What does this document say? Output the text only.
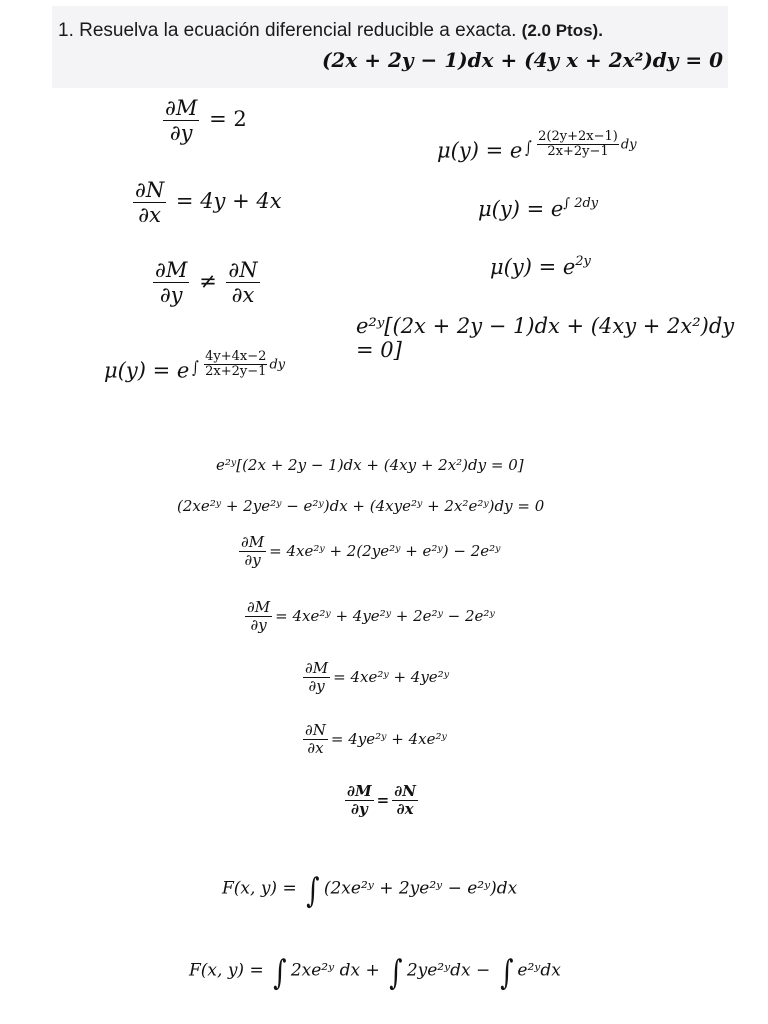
1. Resuelva la ecuación diferencial reducible a exacta. (2.0 Ptos).
(2x + 2y − 1)dx + (4y x + 2x²)dy = 0
$\frac{\partial M}{\partial y} = 2$
$\frac{\partial N}{\partial x} = 4y + 4x$
$\frac{\partial M}{\partial y} \ne \frac{\partial N}{\partial x}$
μ(y) = e ∫ $\frac{4y+4x-2}{2x+2y-1}$ dy
μ(y) = e ∫ $\frac{2(2y+2x-1)}{2x+2y-1}$ dy
μ(y) = e∫ 2dy
μ(y) = e2y
e²ʸ[(2x + 2y − 1)dx + (4xy + 2x²)dy
= 0]
e²ʸ[(2x + 2y − 1)dx + (4xy + 2x²)dy = 0]
(2xe²ʸ + 2ye²ʸ − e²ʸ)dx + (4xye²ʸ + 2x²e²ʸ)dy = 0
$\frac{\partial M}{\partial y}$ = 4xe²ʸ + 2(2ye²ʸ + e²ʸ) − 2e²ʸ
$\frac{\partial M}{\partial y}$ = 4xe²ʸ + 4ye²ʸ + 2e²ʸ − 2e²ʸ
$\frac{\partial M}{\partial y}$ = 4xe²ʸ + 4ye²ʸ
$\frac{\partial N}{\partial x}$ = 4ye²ʸ + 4xe²ʸ
$\frac{\partial M}{\partial y} = \frac{\partial N}{\partial x}$
F(x, y) = ∫ (2xe²ʸ + 2ye²ʸ − e²ʸ)dx
F(x, y) = ∫ 2xe²ʸ dx + ∫ 2ye²ʸdx − ∫ e²ʸdx
